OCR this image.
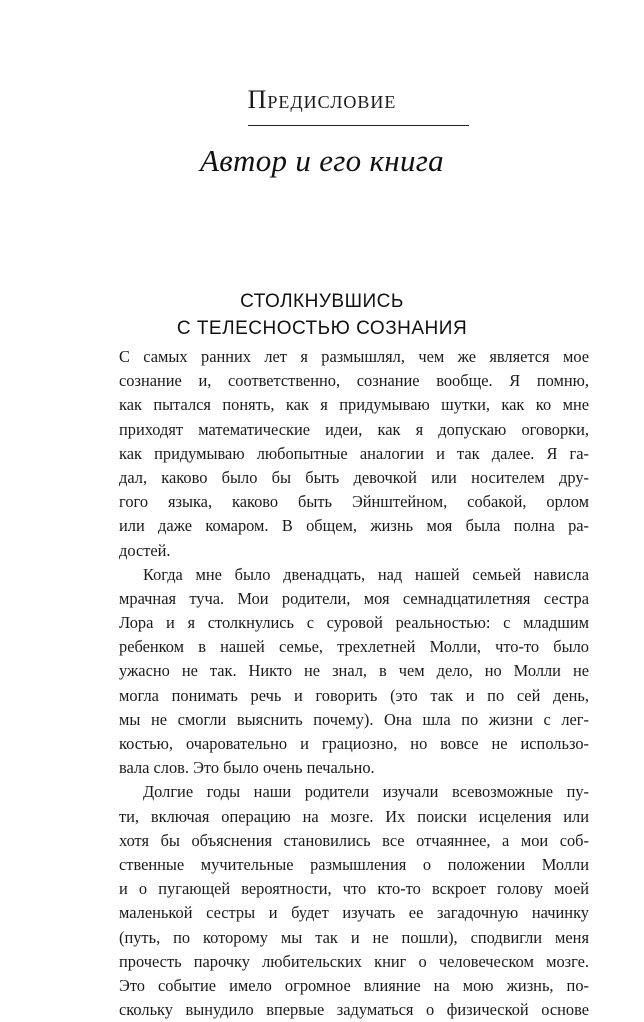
Предисловие
Автор и его книга
СТОЛКНУВШИСЬ
С ТЕЛЕСНОСТЬЮ СОЗНАНИЯ
С самых ранних лет я размышлял, чем же является мое
сознание и, соответственно, сознание вообще. Я помню,
как пытался понять, как я придумываю шутки, как ко мне
приходят математические идеи, как я допускаю оговорки,
как придумываю любопытные аналогии и так далее. Я га-
дал, каково было бы быть девочкой или носителем дру-
гого языка, каково быть Эйнштейном, собакой, орлом
или даже комаром. В общем, жизнь моя была полна ра-
достей.
Когда мне было двенадцать, над нашей семьей нависла
мрачная туча. Мои родители, моя семнадцатилетняя сестра
Лора и я столкнулись с суровой реальностью: с младшим
ребенком в нашей семье, трехлетней Молли, что-то было
ужасно не так. Никто не знал, в чем дело, но Молли не
могла понимать речь и говорить (это так и по сей день,
мы не смогли выяснить почему). Она шла по жизни с лег-
костью, очаровательно и грациозно, но вовсе не использо-
вала слов. Это было очень печально.
Долгие годы наши родители изучали всевозможные пу-
ти, включая операцию на мозге. Их поиски исцеления или
хотя бы объяснения становились все отчаяннее, а мои соб-
ственные мучительные размышления о положении Молли
и о пугающей вероятности, что кто-то вскроет голову моей
маленькой сестры и будет изучать ее загадочную начинку
(путь, по которому мы так и не пошли), сподвигли меня
прочесть парочку любительских книг о человеческом мозге.
Это событие имело огромное влияние на мою жизнь, по-
скольку вынудило впервые задуматься о физической основе
